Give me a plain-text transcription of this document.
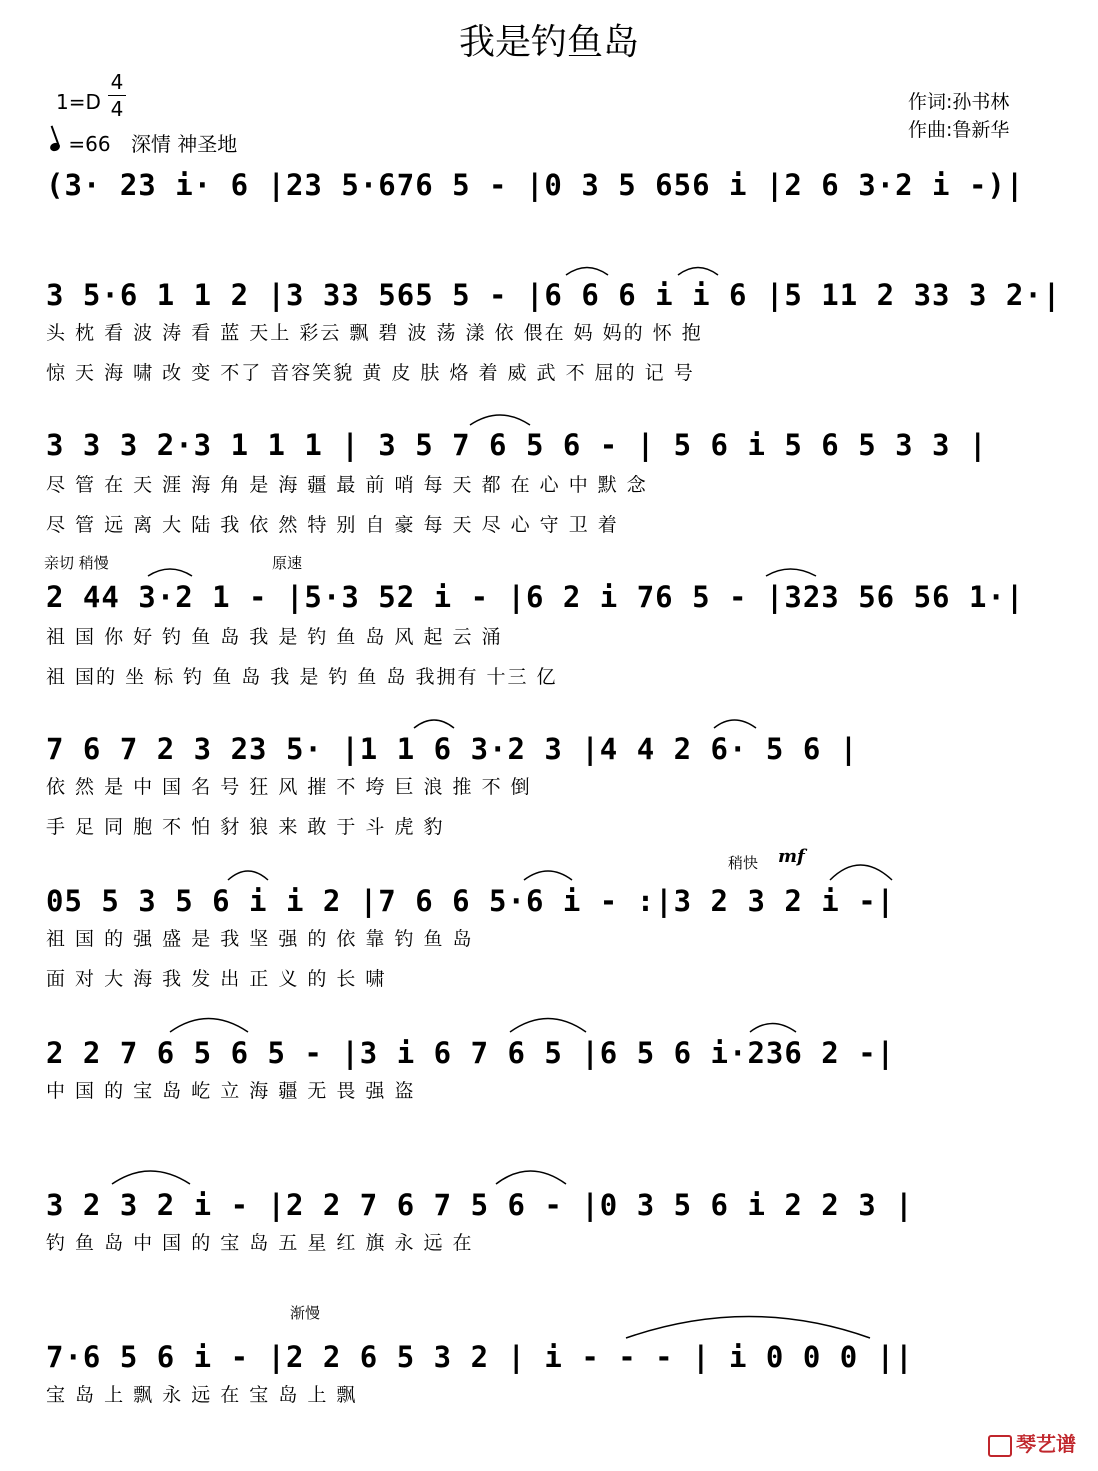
我是钓鱼岛
1=D
4
4
=66 深情 神圣地
作词:孙书林
作曲:鲁新华
(3· 23 i· 6 |23 5·676 5 - |0 3 5 656 i |2 6 3·2 i -)|
3 5·6 1 1 2 |3 33 565 5 - |6 6 6 i i 6 |5 11 2 33 3 2·|
头 枕 看 波 涛 看 蓝 天上 彩云 飘 碧 波 荡 漾 依 偎在 妈 妈的 怀 抱
惊 天 海 啸 改 变 不了 音容笑貌 黄 皮 肤 烙 着 威 武 不 屈的 记 号
3 3 3 2·3 1 1 1 | 3 5 7 6 5 6 - | 5 6 i 5 6 5 3 3 |
尽 管 在 天 涯 海 角 是 海 疆 最 前 哨 每 天 都 在 心 中 默 念
尽 管 远 离 大 陆 我 依 然 特 别 自 豪 每 天 尽 心 守 卫 着
亲切 稍慢	原速
2 44 3·2 1 - |5·3 52 i - |6 2 i 76 5 - |323 56 56 1·|
祖 国 你 好 钓 鱼 岛 我 是 钓 鱼 岛 风 起 云 涌
祖 国的 坐 标 钓 鱼 岛 我 是 钓 鱼 岛 我拥有 十三 亿
7 6 7 2 3 23 5· |1 1 6 3·2 3 |4 4 2 6· 5 6 |
依 然 是 中 国 名 号 狂 风 摧 不 垮 巨 浪 推 不 倒
手 足 同 胞 不 怕 豺 狼 来 敢 于 斗 虎 豹
稍快 mf
05 5 3 5 6 i i 2 |7 6 6 5·6 i - :|3 2 3 2 i -|
祖 国 的 强 盛 是 我 坚 强 的 依 靠 钓 鱼 岛
面 对 大 海 我 发 出 正 义 的 长 啸
2 2 7 6 5 6 5 - |3 i 6 7 6 5 |6 5 6 i·236 2 -|
中 国 的 宝 岛 屹 立 海 疆 无 畏 强 盗
3 2 3 2 i - |2 2 7 6 7 5 6 - |0 3 5 6 i 2 2 3 |
钓 鱼 岛 中 国 的 宝 岛 五 星 红 旗 永 远 在
渐慢
7·6 5 6 i - |2 2 6 5 3 2 | i - - - | i 0 0 0 ||
宝 岛 上 飘 永 远 在 宝 岛 上 飘
琴艺谱
